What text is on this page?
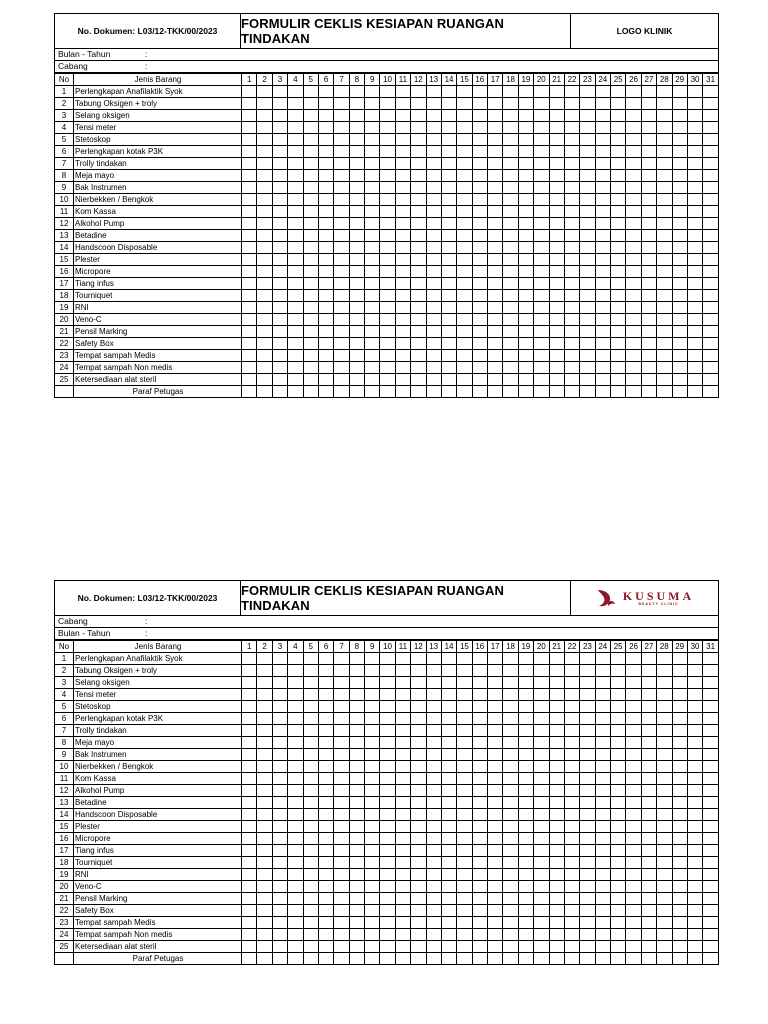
No. Dokumen: L03/12-TKK/00/2023	FORMULIR CEKLIS KESIAPAN RUANGAN TINDAKAN	LOGO KLINIK
Bulan - Tahun	:
Cabang	:
No	Jenis Barang	1	2	3	4	5	6	7	8	9	10	11	12	13	14	15	16	17	18	19	20	21	22	23	24	25	26	27	28	29	30	31
1	Perlengkapan Anafilaktik Syok																															
2	Tabung Oksigen + troly																															
3	Selang oksigen																															
4	Tensi meter																															
5	Stetoskop																															
6	Perlengkapan kotak P3K																															
7	Trolly tindakan																															
8	Meja mayo																															
9	Bak Instrumen																															
10	Nierbekken / Bengkok																															
11	Kom Kassa																															
12	Alkohol Pump																															
13	Betadine																															
14	Handscoon Disposable																															
15	Plester																															
16	Micropore																															
17	Tiang infus																															
18	Tourniquet																															
19	RNI																															
20	Veno-C																															
21	Pensil Marking																															
22	Safety Box																															
23	Tempat sampah Medis																															
24	Tempat sampah Non medis																															
25	Ketersediaan alat steril																															
	Paraf Petugas																															
No. Dokumen: L03/12-TKK/00/2023	FORMULIR CEKLIS KESIAPAN RUANGAN TINDAKAN
KUSUMA
BEAUTY CLINIC
Cabang	:
Bulan - Tahun	:
No	Jenis Barang	1	2	3	4	5	6	7	8	9	10	11	12	13	14	15	16	17	18	19	20	21	22	23	24	25	26	27	28	29	30	31
1	Perlengkapan Anafilaktik Syok																															
2	Tabung Oksigen + troly																															
3	Selang oksigen																															
4	Tensi meter																															
5	Stetoskop																															
6	Perlengkapan kotak P3K																															
7	Trolly tindakan																															
8	Meja mayo																															
9	Bak Instrumen																															
10	Nierbekken / Bengkok																															
11	Kom Kassa																															
12	Alkohol Pump																															
13	Betadine																															
14	Handscoon Disposable																															
15	Plester																															
16	Micropore																															
17	Tiang infus																															
18	Tourniquet																															
19	RNI																															
20	Veno-C																															
21	Pensil Marking																															
22	Safety Box																															
23	Tempat sampah Medis																															
24	Tempat sampah Non medis																															
25	Ketersediaan alat steril																															
	Paraf Petugas																															
